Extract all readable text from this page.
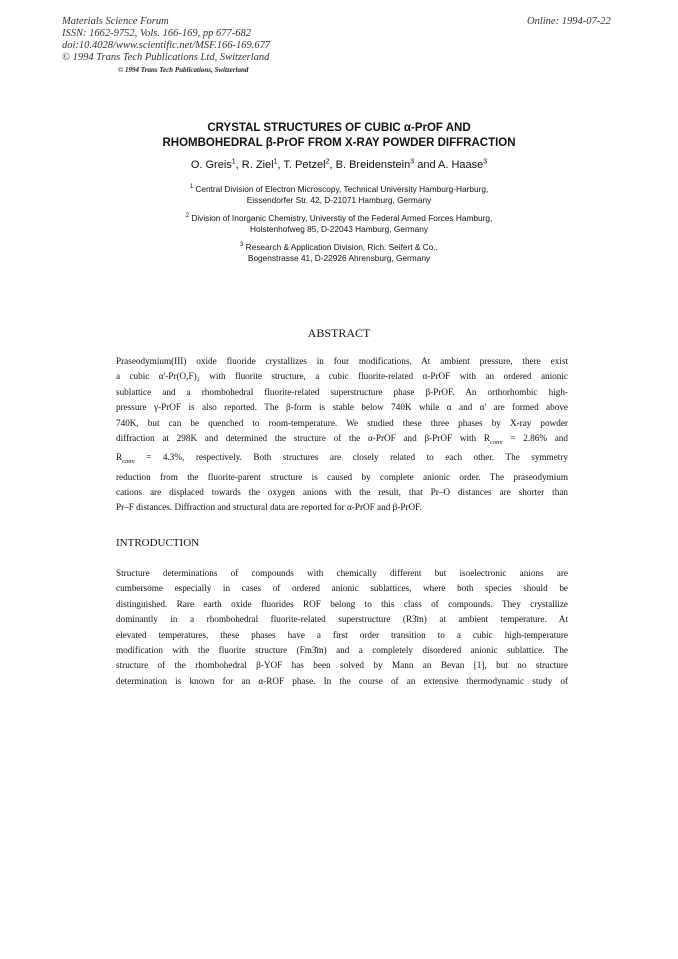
Materials Science Forum
ISSN: 1662-9752, Vols. 166-169, pp 677-682
doi:10.4028/www.scientific.net/MSF.166-169.677
© 1994 Trans Tech Publications Ltd, Switzerland
Online: 1994-07-22
© 1994 Trans Tech Publications, Switzerland
CRYSTAL STRUCTURES OF CUBIC α-PrOF AND
RHOMBOHEDRAL β-PrOF FROM X-RAY POWDER DIFFRACTION
O. Greis$^1$, R. Ziel$^1$, T. Petzel$^2$, B. Breidenstein$^3$ and A. Haase$^3$
$^1$ Central Division of Electron Microscopy, Technical University Hamburg-Harburg,
Eissendorfer Str. 42, D-21071 Hamburg, Germany
$^2$ Division of Inorganic Chemistry, Universtiy of the Federal Armed Forces Hamburg,
Holstenhofweg 85, D-22043 Hamburg, Germany
$^3$ Research & Application Division, Rich. Seifert & Co.,
Bogenstrasse 41, D-22926 Ahrensburg, Germany
ABSTRACT
Praseodymium(III) oxide fluoride crystallizes in four modifications. At ambient pressure, there exist
a cubic α'-Pr(O,F)₂ with fluorite structure, a cubic fluorite-related α-PrOF with an ordered anionic
sublattice and a rhombohedral fluorite-related superstructure phase β-PrOF. An orthorhombic high-
pressure γ-PrOF is also reported. The β-form is stable below 740K while α and α' are formed above
740K, but can be quenched to room-temperature. We studied these three phases by X-ray powder
diffraction at 298K and determined the structure of the α-PrOF and β-PrOF with $R_{conv} = 2.86\%$ and
$R_{conv} = 4.3\%$, respectively. Both structures are closely related to each other. The symmetry
reduction from the fluorite-parent structure is caused by complete anionic order. The praseodymium
cations are displaced towards the oxygen anions with the result, that Pr–O distances are shorter than
Pr–F distances. Diffraction and structural data are reported for α-PrOF and β-PrOF.
INTRODUCTION
Structure determinations of compounds with chemically different but isoelectronic anions are
cumbersome especially in cases of ordered anionic sublattices, where both species should be
distinguished. Rare earth oxide fluorides ROF belong to this class of compounds. They crystallize
dominantly in a rhombohedral fluorite-related superstructure (R3̄m) at ambient temperature. At
elevated temperatures, these phases have a first order transition to a cubic high-temperature
modification with the fluorite structure (Fm3̄m) and a completely disordered anionic sublattice. The
structure of the rhombohedral β-YOF has been solved by Mann an Bevan [1], but no structure
determination is known for an α-ROF phase. In the course of an extensive thermodynamic study of
